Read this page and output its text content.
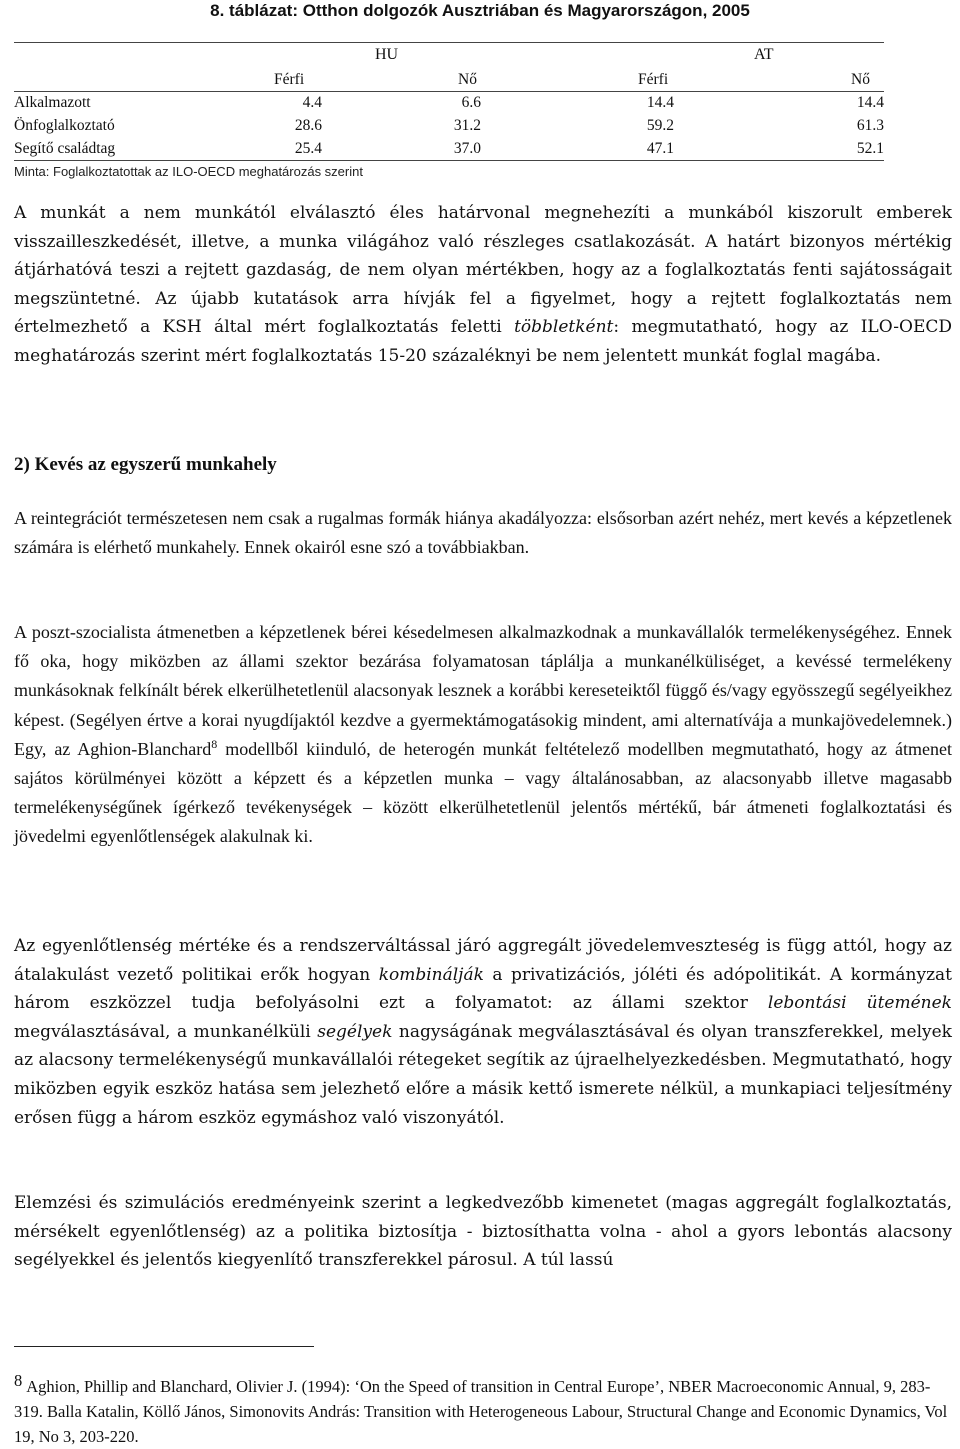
8. táblázat: Otthon dolgozók Ausztriában és Magyarországon, 2005
HU	AT
Férfi	Nő	Férfi	Nő
Alkalmazott	4.4	6.6	14.4	14.4
Önfoglalkoztató	28.6	31.2	59.2	61.3
Segítő családtag	25.4	37.0	47.1	52.1
Minta: Foglalkoztatottak az ILO-OECD meghatározás szerint

A munkát a nem munkától elválasztó éles határvonal megnehezíti a munkából kiszorult emberek visszailleszkedését, illetve, a munka világához való részleges csatlakozását. A határt bizonyos mértékig átjárhatóvá teszi a rejtett gazdaság, de nem olyan mértékben, hogy az a foglalkoztatás fenti sajátosságait megszüntetné. Az újabb kutatások arra hívják fel a figyelmet, hogy a rejtett foglalkoztatás nem értelmezhető a KSH által mért foglalkoztatás feletti többletként: megmutatható, hogy az ILO-OECD meghatározás szerint mért foglalkoztatás 15-20 százaléknyi be nem jelentett munkát foglal magába.

2) Kevés az egyszerű munkahely

A reintegrációt természetesen nem csak a rugalmas formák hiánya akadályozza: elsősorban azért nehéz, mert kevés a képzetlenek számára is elérhető munkahely. Ennek okairól esne szó a továbbiakban.

A poszt-szocialista átmenetben a képzetlenek bérei késedelmesen alkalmazkodnak a munkavállalók termelékenységéhez. Ennek fő oka, hogy miközben az állami szektor bezárása folyamatosan táplálja a munkanélküliséget, a kevéssé termelékeny munkásoknak felkínált bérek elkerülhetetlenül alacsonyak lesznek a korábbi kereseteiktől függő és/vagy egyösszegű segélyeikhez képest. (Segélyen értve a korai nyugdíjaktól kezdve a gyermektámogatásokig mindent, ami alternatívája a munkajövedelemnek.) Egy, az Aghion-Blanchard$^8$ modellből kiinduló, de heterogén munkát feltételező modellben megmutatható, hogy az átmenet sajátos körülményei között a képzett és a képzetlen munka – vagy általánosabban, az alacsonyabb illetve magasabb termelékenységűnek ígérkező tevékenységek – között elkerülhetetlenül jelentős mértékű, bár átmeneti foglalkoztatási és jövedelmi egyenlőtlenségek alakulnak ki.

Az egyenlőtlenség mértéke és a rendszerváltással járó aggregált jövedelemveszteség is függ attól, hogy az átalakulást vezető politikai erők hogyan kombinálják a privatizációs, jóléti és adópolitikát. A kormányzat három eszközzel tudja befolyásolni ezt a folyamatot: az állami szektor lebontási ütemének megválasztásával, a munkanélküli segélyek nagyságának megválasztásával és olyan transzferekkel, melyek az alacsony termelékenységű munkavállalói rétegeket segítik az újraelhelyezkedésben. Megmutatható, hogy miközben egyik eszköz hatása sem jelezhető előre a másik kettő ismerete nélkül, a munkapiaci teljesítmény erősen függ a három eszköz egymáshoz való viszonyától.

Elemzési és szimulációs eredményeink szerint a legkedvezőbb kimenetet (magas aggregált foglalkoztatás, mérsékelt egyenlőtlenség) az a politika biztosítja - biztosíthatta volna - ahol a gyors lebontás alacsony segélyekkel és jelentős kiegyenlítő transzferekkel párosul. A túl lassú

8 Aghion, Phillip and Blanchard, Olivier J. (1994): ‘On the Speed of transition in Central Europe’, NBER Macroeconomic Annual, 9, 283-319. Balla Katalin, Köllő János, Simonovits András: Transition with Heterogeneous Labour, Structural Change and Economic Dynamics, Vol 19, No 3, 203-220.
